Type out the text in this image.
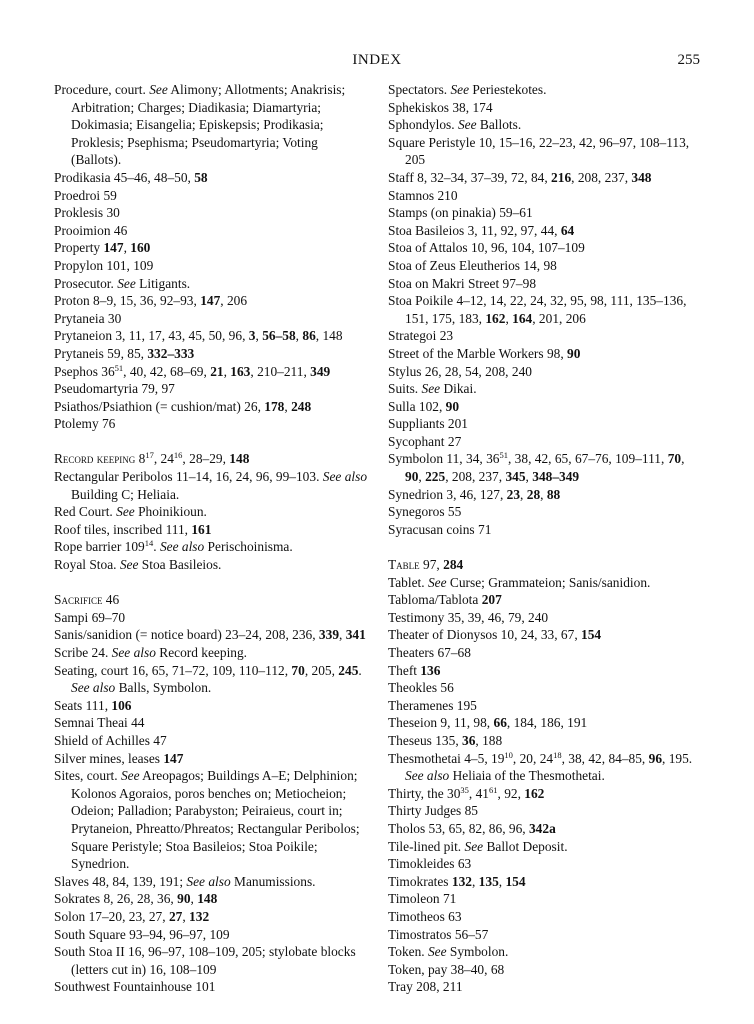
INDEX	255
Procedure, court. See Alimony; Allotments; Anakrisis; Arbitration; Charges; Diadikasia; Diamartyria; Dokimasia; Eisangelia; Episkepsis; Prodikasia; Proklesis; Psephisma; Pseudomartyria; Voting (Ballots).
Prodikasia 45–46, 48–50, 58
Proedroi 59
Proklesis 30
Prooimion 46
Property 147, 160
Propylon 101, 109
Prosecutor. See Litigants.
Proton 8–9, 15, 36, 92–93, 147, 206
Prytaneia 30
Prytaneion 3, 11, 17, 43, 45, 50, 96, 3, 56–58, 86, 148
Prytaneis 59, 85, 332–333
Psephos $36^{51}$, 40, 42, 68–69, 21, 163, 210–211, 349
Pseudomartyria 79, 97
Psiathos/Psiathion (= cushion/mat) 26, 178, 248
Ptolemy 76
Record keeping $8^{17}$, $24^{16}$, 28–29, 148
Rectangular Peribolos 11–14, 16, 24, 96, 99–103. See also Building C; Heliaia.
Red Court. See Phoinikioun.
Roof tiles, inscribed 111, 161
Rope barrier $109^{14}$. See also Perischoinisma.
Royal Stoa. See Stoa Basileios.
Sacrifice 46
Sampi 69–70
Sanis/sanidion (= notice board) 23–24, 208, 236, 339, 341
Scribe 24. See also Record keeping.
Seating, court 16, 65, 71–72, 109, 110–112, 70, 205, 245. See also Balls, Symbolon.
Seats 111, 106
Semnai Theai 44
Shield of Achilles 47
Silver mines, leases 147
Sites, court. See Areopagos; Buildings A–E; Delphinion; Kolonos Agoraios, poros benches on; Metiocheion; Odeion; Palladion; Parabyston; Peiraieus, court in; Prytaneion, Phreatto/Phreatos; Rectangular Peribolos; Square Peristyle; Stoa Basileios; Stoa Poikile; Synedrion.
Slaves 48, 84, 139, 191; See also Manumissions.
Sokrates 8, 26, 28, 36, 90, 148
Solon 17–20, 23, 27, 27, 132
South Square 93–94, 96–97, 109
South Stoa II 16, 96–97, 108–109, 205; stylobate blocks (letters cut in) 16, 108–109
Southwest Fountainhouse 101
Spectators. See Periestekotes.
Sphekiskos 38, 174
Sphondylos. See Ballots.
Square Peristyle 10, 15–16, 22–23, 42, 96–97, 108–113, 205
Staff 8, 32–34, 37–39, 72, 84, 216, 208, 237, 348
Stamnos 210
Stamps (on pinakia) 59–61
Stoa Basileios 3, 11, 92, 97, 44, 64
Stoa of Attalos 10, 96, 104, 107–109
Stoa of Zeus Eleutherios 14, 98
Stoa on Makri Street 97–98
Stoa Poikile 4–12, 14, 22, 24, 32, 95, 98, 111, 135–136, 151, 175, 183, 162, 164, 201, 206
Strategoi 23
Street of the Marble Workers 98, 90
Stylus 26, 28, 54, 208, 240
Suits. See Dikai.
Sulla 102, 90
Suppliants 201
Sycophant 27
Symbolon 11, 34, $36^{51}$, 38, 42, 65, 67–76, 109–111, 70, 90, 225, 208, 237, 345, 348–349
Synedrion 3, 46, 127, 23, 28, 88
Synegoros 55
Syracusan coins 71
Table 97, 284
Tablet. See Curse; Grammateion; Sanis/sanidion.
Tabloma/Tablota 207
Testimony 35, 39, 46, 79, 240
Theater of Dionysos 10, 24, 33, 67, 154
Theaters 67–68
Theft 136
Theokles 56
Theramenes 195
Theseion 9, 11, 98, 66, 184, 186, 191
Theseus 135, 36, 188
Thesmothetai 4–5, $19^{10}$, 20, $24^{18}$, 38, 42, 84–85, 96, 195. See also Heliaia of the Thesmothetai.
Thirty, the $30^{35}$, $41^{61}$, 92, 162
Thirty Judges 85
Tholos 53, 65, 82, 86, 96, 342a
Tile-lined pit. See Ballot Deposit.
Timokleides 63
Timokrates 132, 135, 154
Timoleon 71
Timotheos 63
Timostratos 56–57
Token. See Symbolon.
Token, pay 38–40, 68
Tray 208, 211
